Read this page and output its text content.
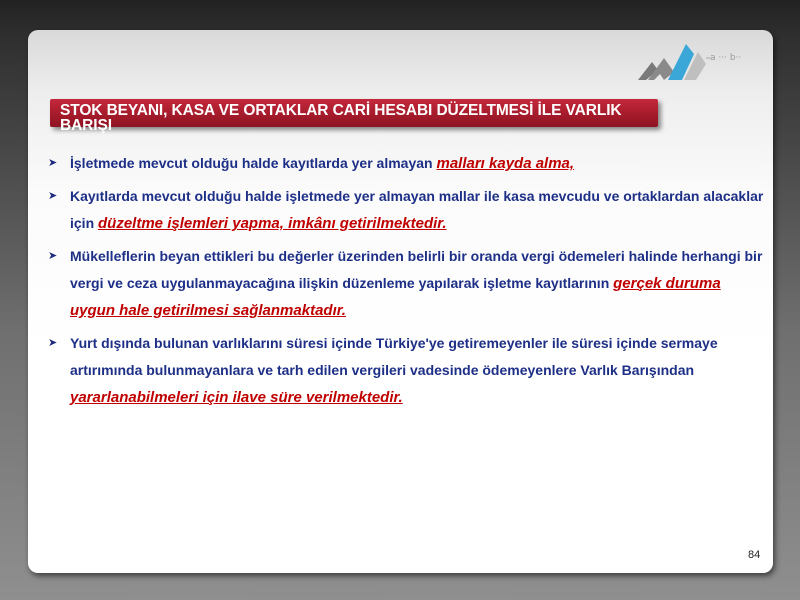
a ··· b··
STOK BEYANI, KASA VE ORTAKLAR CARİ HESABI DÜZELTMESİ İLE VARLIK BARIŞI
➤ İşletmede mevcut olduğu halde kayıtlarda yer almayan malları kayda alma,
➤ Kayıtlarda mevcut olduğu halde işletmede yer almayan mallar ile kasa mevcudu ve ortaklardan alacaklar için düzeltme işlemleri yapma, imkânı getirilmektedir.
➤ Mükelleflerin beyan ettikleri bu değerler üzerinden belirli bir oranda vergi ödemeleri halinde herhangi bir vergi ve ceza uygulanmayacağına ilişkin düzenleme yapılarak işletme kayıtlarının gerçek duruma uygun hale getirilmesi sağlanmaktadır.
➤ Yurt dışında bulunan varlıklarını süresi içinde Türkiye'ye getiremeyenler ile süresi içinde sermaye artırımında bulunmayanlara ve tarh edilen vergileri vadesinde ödemeyenlere Varlık Barışından yararlanabilmeleri için ilave süre verilmektedir.
84
